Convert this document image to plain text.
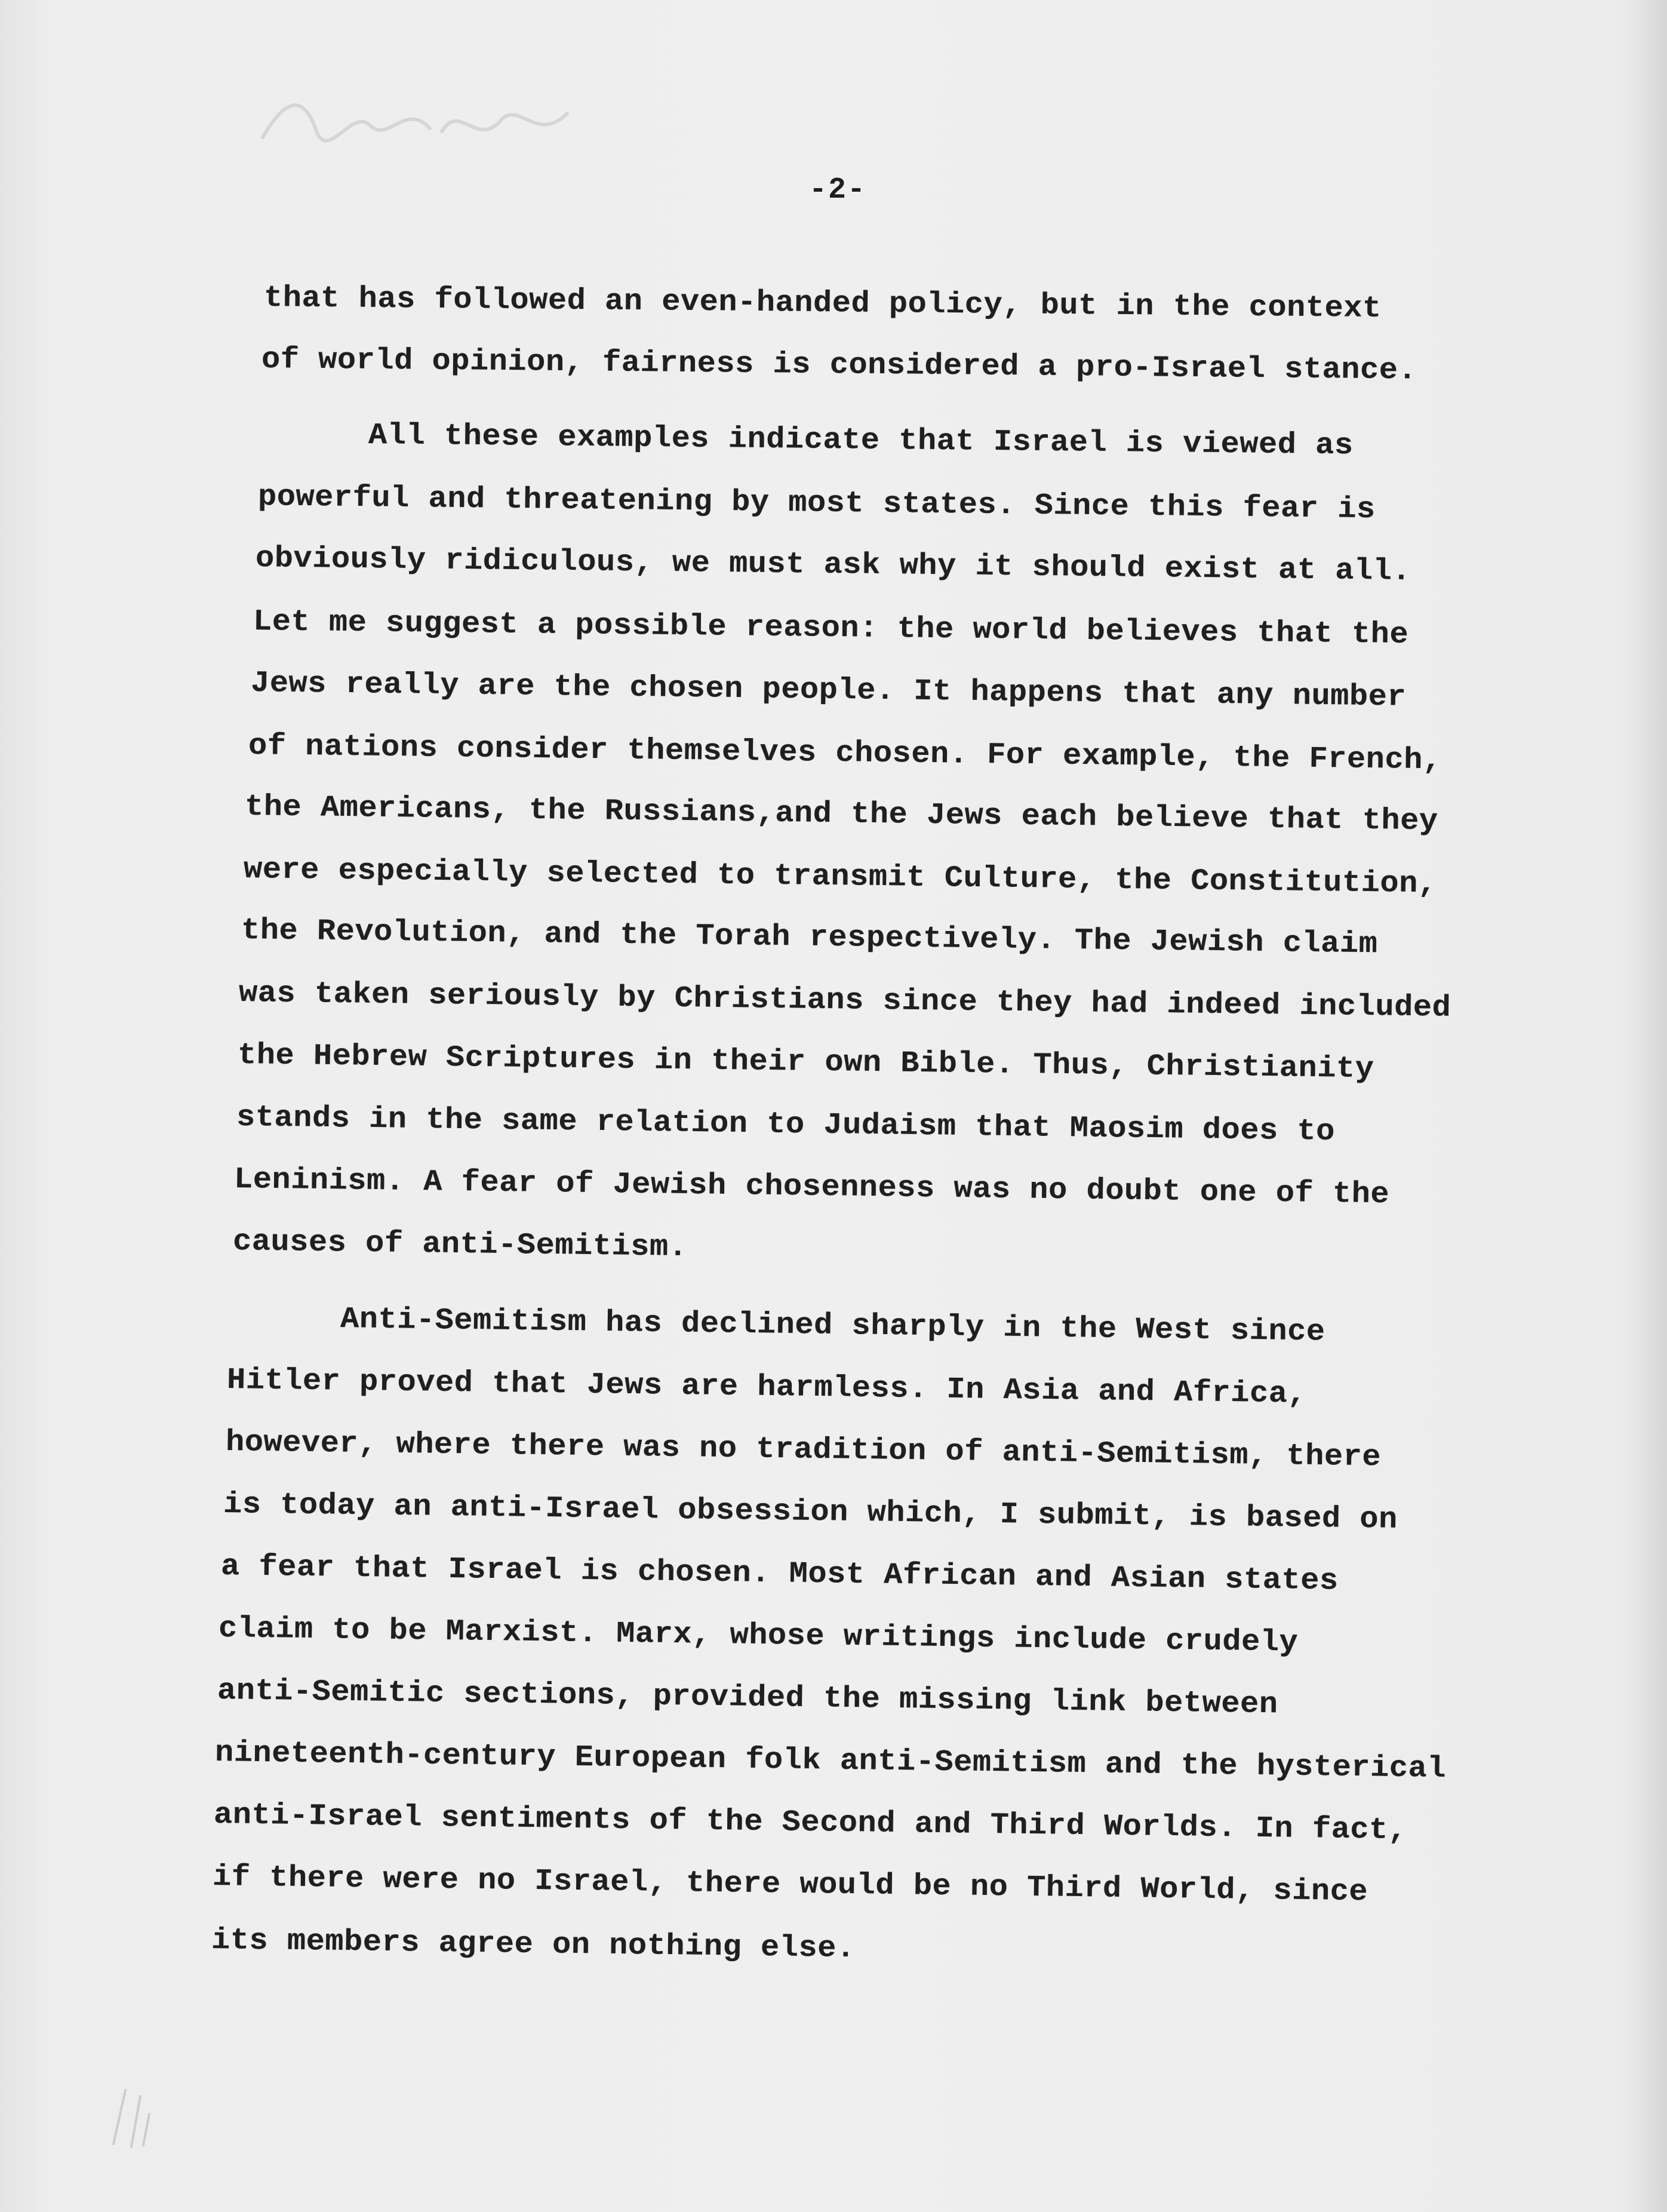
-2-
that has followed an even-handed policy, but in the context
of world opinion, fairness is considered a pro-Israel stance.
All these examples indicate that Israel is viewed as
powerful and threatening by most states. Since this fear is
obviously ridiculous, we must ask why it should exist at all.
Let me suggest a possible reason: the world believes that the
Jews really are the chosen people. It happens that any number
of nations consider themselves chosen. For example, the French,
the Americans, the Russians,and the Jews each believe that they
were especially selected to transmit Culture, the Constitution,
the Revolution, and the Torah respectively. The Jewish claim
was taken seriously by Christians since they had indeed included
the Hebrew Scriptures in their own Bible. Thus, Christianity
stands in the same relation to Judaism that Maosim does to
Leninism. A fear of Jewish chosenness was no doubt one of the
causes of anti-Semitism.
Anti-Semitism has declined sharply in the West since
Hitler proved that Jews are harmless. In Asia and Africa,
however, where there was no tradition of anti-Semitism, there
is today an anti-Israel obsession which, I submit, is based on
a fear that Israel is chosen. Most African and Asian states
claim to be Marxist. Marx, whose writings include crudely
anti-Semitic sections, provided the missing link between
nineteenth-century European folk anti-Semitism and the hysterical
anti-Israel sentiments of the Second and Third Worlds. In fact,
if there were no Israel, there would be no Third World, since
its members agree on nothing else.
